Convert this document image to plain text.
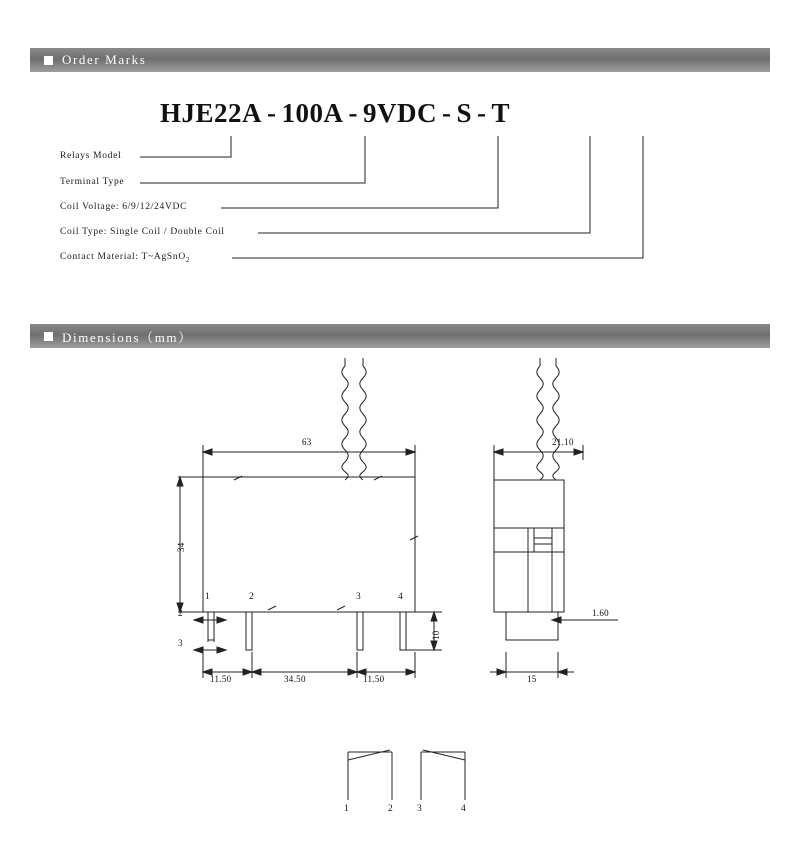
Order Marks
HJE22A - 100A - 9VDC - S - T
Relays Model
Terminal Type
Coil Voltage: 6/9/12/24VDC
Coil Type: Single Coil / Double Coil
Contact Material: T~AgSnO$_2$
Dimensions（mm）
63
34
1	2	3	4
2
3
10
11.50	34.50	11.50
21.10
1.60
15
1	2	3	4
